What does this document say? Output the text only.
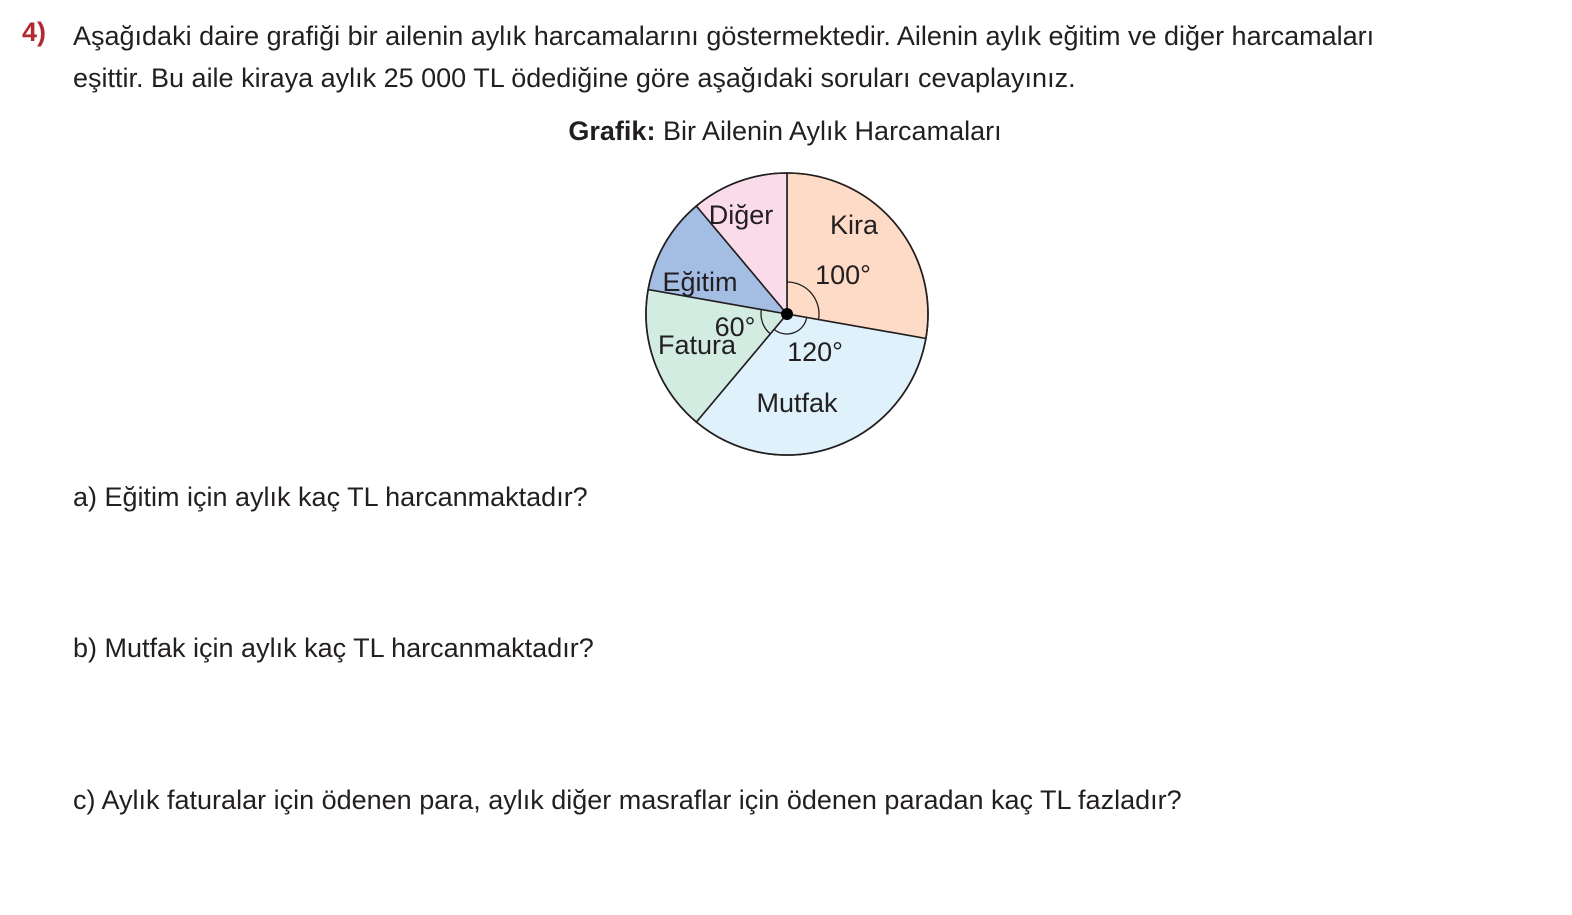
4) Aşağıdaki daire grafiği bir ailenin aylık harcamalarını göstermektedir. Ailenin aylık eğitim ve diğer harcamaları
eşittir. Bu aile kiraya aylık 25 000 TL ödediğine göre aşağıdaki soruları cevaplayınız.
Grafik: Bir Ailenin Aylık Harcamaları
Kira
100°
Mutfak
120°
Fatura
60°
Eğitim
Diğer
a) Eğitim için aylık kaç TL harcanmaktadır?
b) Mutfak için aylık kaç TL harcanmaktadır?
c) Aylık faturalar için ödenen para, aylık diğer masraflar için ödenen paradan kaç TL fazladır?
